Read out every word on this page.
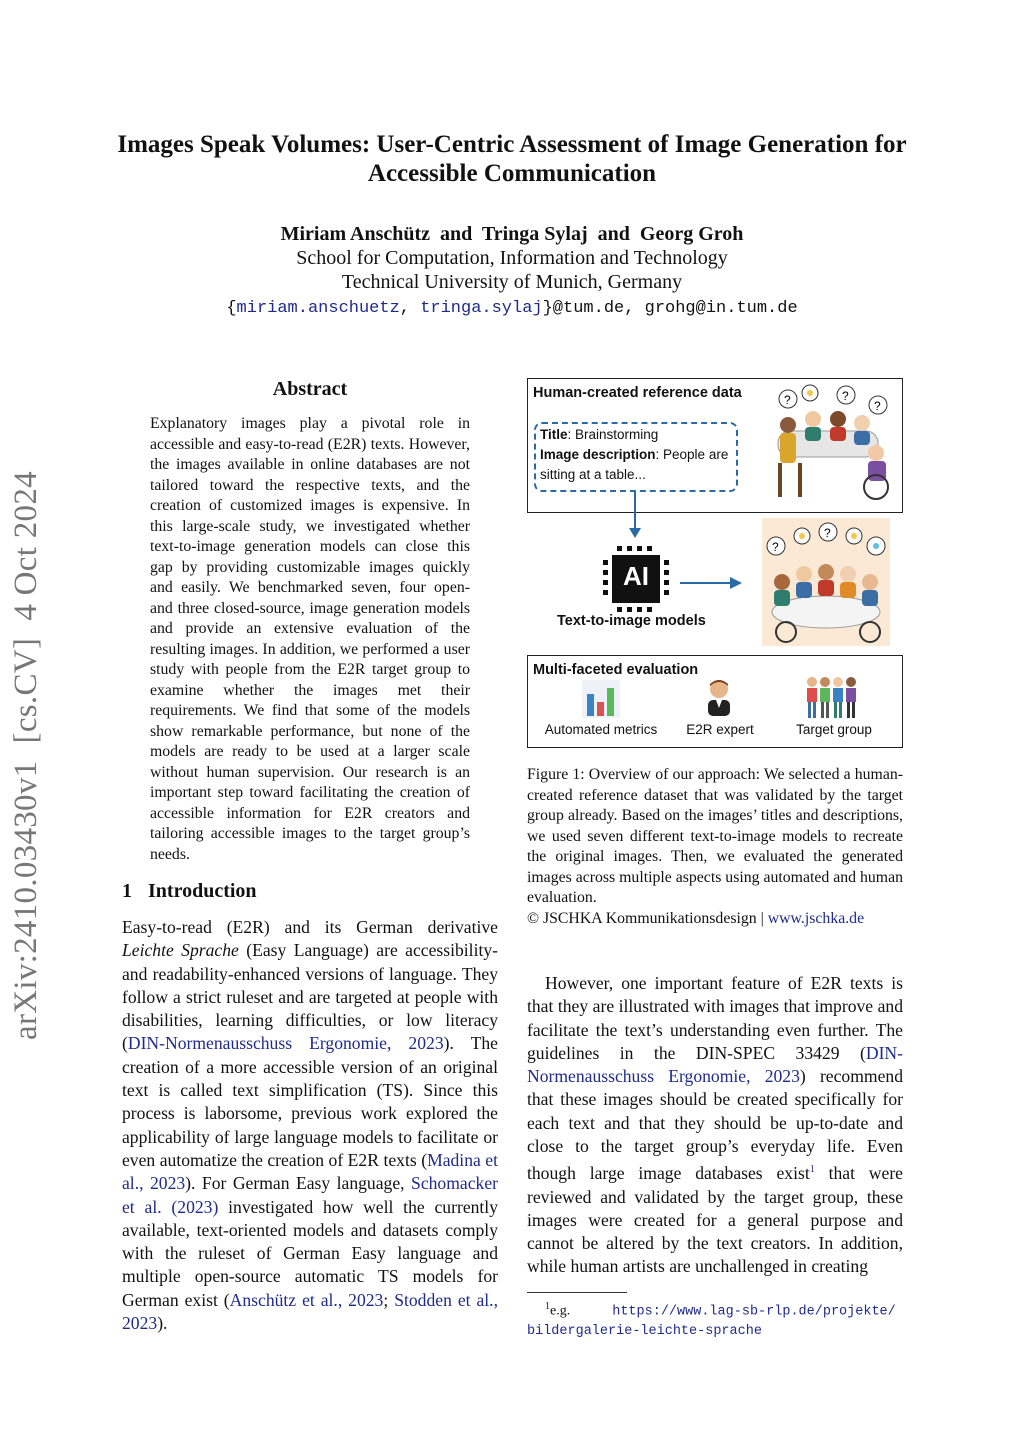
Images Speak Volumes: User-Centric Assessment of Image Generation for
Accessible Communication
Miriam Anschütz  and  Tringa Sylaj  and  Georg Groh
School for Computation, Information and Technology
Technical University of Munich, Germany
{miriam.anschuetz, tringa.sylaj}@tum.de, grohg@in.tum.de
arXiv:2410.03430v1  [cs.CV]  4 Oct 2024
Abstract
Explanatory images play a pivotal role in accessible and easy-to-read (E2R) texts. However, the images available in online databases are not tailored toward the respective texts, and the creation of customized images is expensive. In this large-scale study, we investigated whether text-to-image generation models can close this gap by providing customizable images quickly and easily. We benchmarked seven, four open- and three closed-source, image generation models and provide an extensive evaluation of the resulting images. In addition, we performed a user study with people from the E2R target group to examine whether the images met their requirements. We find that some of the models show remarkable performance, but none of the models are ready to be used at a larger scale without human supervision. Our research is an important step toward facilitating the creation of accessible information for E2R creators and tailoring accessible images to the target group’s needs.
1 Introduction
Easy-to-read (E2R) and its German derivative Leichte Sprache (Easy Language) are accessibility- and readability-enhanced versions of language. They follow a strict ruleset and are targeted at people with disabilities, learning difficulties, or low literacy (DIN-Normenausschuss Ergonomie, 2023). The creation of a more accessible version of an original text is called text simplification (TS). Since this process is laborsome, previous work explored the applicability of large language models to facilitate or even automatize the creation of E2R texts (Madina et al., 2023). For German Easy language, Schomacker et al. (2023) investigated how well the currently available, text-oriented models and datasets comply with the ruleset of German Easy language and multiple open-source automatic TS models for German exist (Anschütz et al., 2023; Stodden et al., 2023).
However, one important feature of E2R texts is that they are illustrated with images that improve and facilitate the text’s understanding even further. The guidelines in the DIN-SPEC 33429 (DIN-Normenausschuss Ergonomie, 2023) recommend that these images should be created specifically for each text and that they should be up-to-date and close to the target group’s everyday life. Even though large image databases exist$^1$ that were reviewed and validated by the target group, these images were created for a general purpose and cannot be altered by the text creators. In addition, while human artists are unchallenged in creating
Human-created reference data	?	?
?
Title: Brainstorming
Image description: People are sitting at a table...
AI
Text-to-image models
?
?
Multi-faceted evaluation
Automated metrics	E2R expert	Target group
Figure 1: Overview of our approach: We selected a human-created reference dataset that was validated by the target group already. Based on the images’ titles and descriptions, we used seven different text-to-image models to recreate the original images. Then, we evaluated the generated images across multiple aspects using automated and human evaluation.
© JSCHKA Kommunikationsdesign | www.jschka.de
$^1$e.g.	https://www.lag-sb-rlp.de/projekte/
bildergalerie-leichte-sprache
